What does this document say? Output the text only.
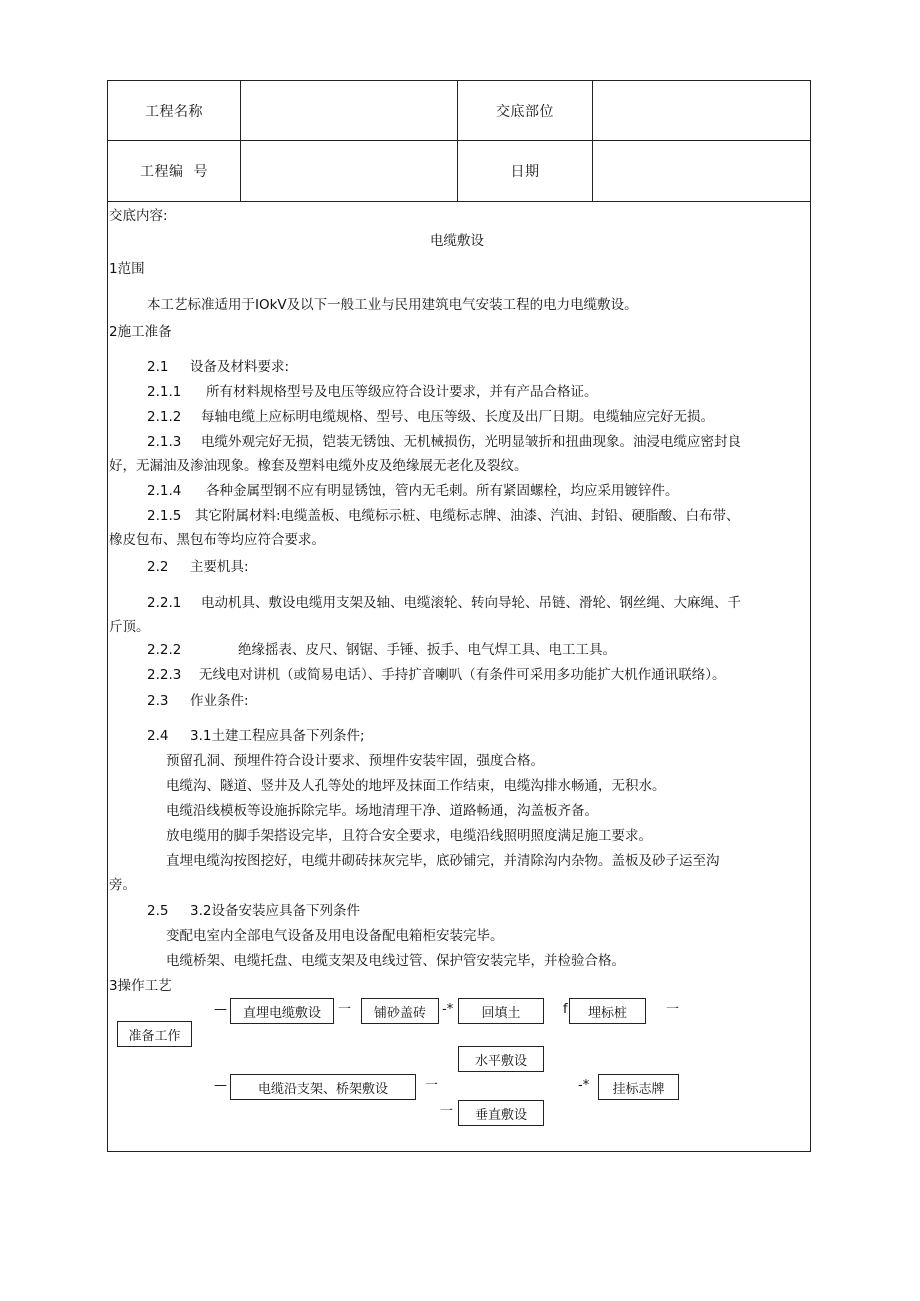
工程名称	交底部位
工程编  号	日期
交底内容:
电缆敷设
1范围
本工艺标准适用于IOkV及以下一般工业与民用建筑电气安装工程的电力电缆敷设。
2施工准备
2.1 设备及材料要求:
2.1.1 所有材料规格型号及电压等级应符合设计要求，并有产品合格证。
2.1.2 每轴电缆上应标明电缆规格、型号、电压等级、长度及出厂日期。电缆轴应完好无损。
2.1.3 电缆外观完好无损，铠装无锈蚀、无机械损伤，光明显皱折和扭曲现象。油浸电缆应密封良
好，无漏油及渗油现象。橡套及塑料电缆外皮及绝缘展无老化及裂纹。
2.1.4 各种金属型钢不应有明显锈蚀，管内无毛刺。所有紧固螺栓，均应采用镀锌件。
2.1.5 其它附属材料:电缆盖板、电缆标示桩、电缆标志牌、油漆、汽油、封铅、硬脂酸、白布带、
橡皮包布、黑包布等均应符合要求。
2.2 主要机具:
2.2.1 电动机具、敷设电缆用支架及轴、电缆滚轮、转向导轮、吊链、滑轮、钢丝绳、大麻绳、千
斤顶。
2.2.2	绝缘摇表、皮尺、钢锯、手锤、扳手、电气焊工具、电工工具。
2.2.3 无线电对讲机（或简易电话）、手持扩音喇叭（有条件可采用多功能扩大机作通讯联络）。
2.3 作业条件:
2.4 3.1土建工程应具备下列条件;
预留孔洞、预埋件符合设计要求、预埋件安装牢固，强度合格。
电缆沟、隧道、竖井及人孔等处的地坪及抹面工作结束，电缆沟排水畅通，无积水。
电缆沿线模板等设施拆除完毕。场地清理干净、道路畅通，沟盖板齐备。
放电缆用的脚手架搭设完毕，且符合安全要求，电缆沿线照明照度满足施工要求。
直埋电缆沟按图挖好，电缆井砌砖抹灰完毕，底砂铺完，并清除沟内杂物。盖板及砂子运至沟
旁。
2.5 3.2设备安装应具备下列条件
变配电室内全部电气设备及用电设备配电箱柜安装完毕。
电缆桥架、电缆托盘、电缆支架及电线过管、保护管安装完毕，并检验合格。
3操作工艺
直埋电缆敷设	铺砂盖砖	回填土	埋标桩
准备工作
水平敷设
电缆沿支架、桥架敷设	挂标志牌
垂直敷设
—	一	-*	f	一
—	一	-*
一
